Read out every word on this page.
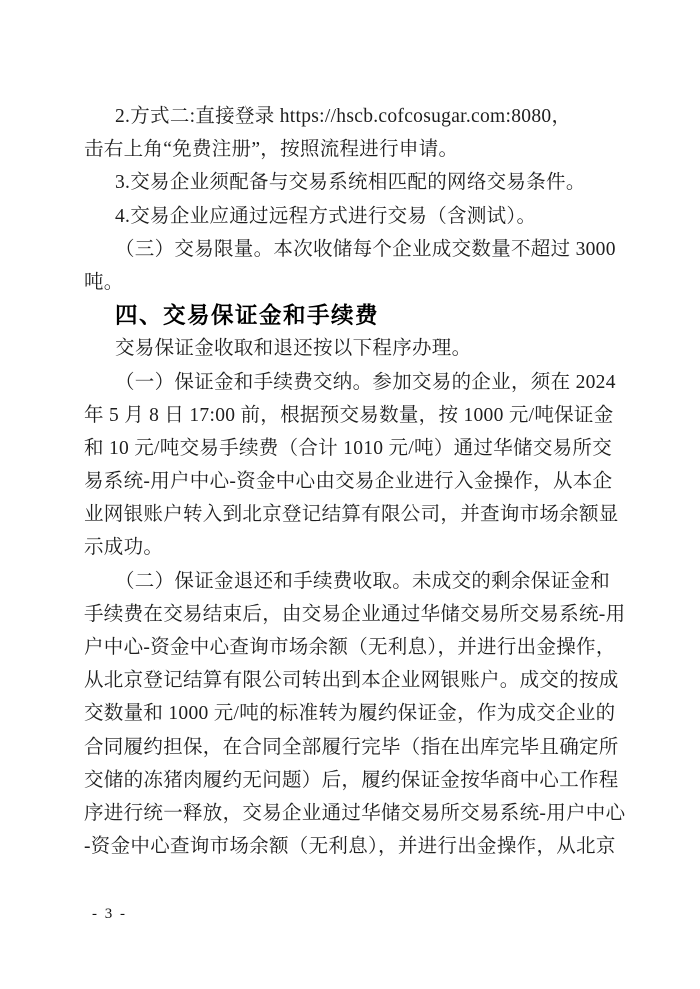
2.方式二:直接登录 https://hscb.cofcosugar.com:8080，
击右上角“免费注册”，按照流程进行申请。
3.交易企业须配备与交易系统相匹配的网络交易条件。
4.交易企业应通过远程方式进行交易（含测试）。
（三）交易限量。本次收储每个企业成交数量不超过 3000
吨。
四、交易保证金和手续费
交易保证金收取和退还按以下程序办理。
（一）保证金和手续费交纳。参加交易的企业，须在 2024
年 5 月 8 日 17:00 前，根据预交易数量，按 1000 元/吨保证金
和 10 元/吨交易手续费（合计 1010 元/吨）通过华储交易所交
易系统-用户中心-资金中心由交易企业进行入金操作，从本企
业网银账户转入到北京登记结算有限公司，并查询市场余额显
示成功。
（二）保证金退还和手续费收取。未成交的剩余保证金和
手续费在交易结束后，由交易企业通过华储交易所交易系统-用
户中心-资金中心查询市场余额（无利息），并进行出金操作，
从北京登记结算有限公司转出到本企业网银账户。成交的按成
交数量和 1000 元/吨的标准转为履约保证金，作为成交企业的
合同履约担保，在合同全部履行完毕（指在出库完毕且确定所
交储的冻猪肉履约无问题）后，履约保证金按华商中心工作程
序进行统一释放，交易企业通过华储交易所交易系统-用户中心
-资金中心查询市场余额（无利息），并进行出金操作，从北京
- 3 -
